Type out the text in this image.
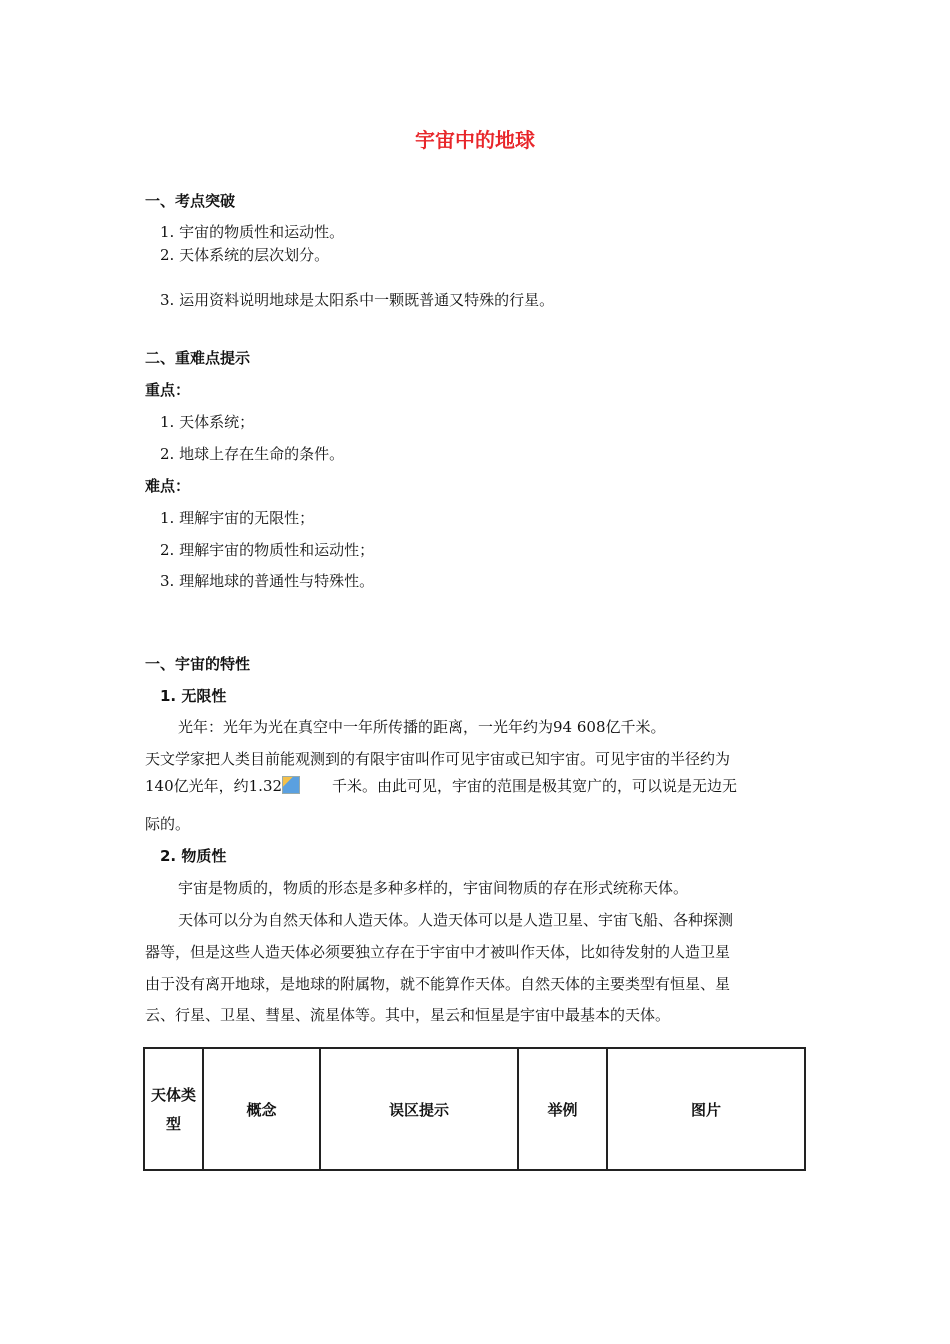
宇宙中的地球
一、考点突破
1. 宇宙的物质性和运动性。
2. 天体系统的层次划分。
3. 运用资料说明地球是太阳系中一颗既普通又特殊的行星。
二、重难点提示
重点：
1. 天体系统；
2. 地球上存在生命的条件。
难点：
1. 理解宇宙的无限性；
2. 理解宇宙的物质性和运动性；
3. 理解地球的普通性与特殊性。
一、宇宙的特性
1. 无限性
光年：光年为光在真空中一年所传播的距离，一光年约为94 608亿千米。
天文学家把人类目前能观测到的有限宇宙叫作可见宇宙或已知宇宙。可见宇宙的半径约为
140亿光年，约1.32	千米。由此可见，宇宙的范围是极其宽广的，可以说是无边无
际的。
2. 物质性
宇宙是物质的，物质的形态是多种多样的，宇宙间物质的存在形式统称天体。
天体可以分为自然天体和人造天体。人造天体可以是人造卫星、宇宙飞船、各种探测
器等，但是这些人造天体必须要独立存在于宇宙中才被叫作天体，比如待发射的人造卫星
由于没有离开地球，是地球的附属物，就不能算作天体。自然天体的主要类型有恒星、星
云、行星、卫星、彗星、流星体等。其中，星云和恒星是宇宙中最基本的天体。
天体类
型
	概念	误区提示	举例	图片
